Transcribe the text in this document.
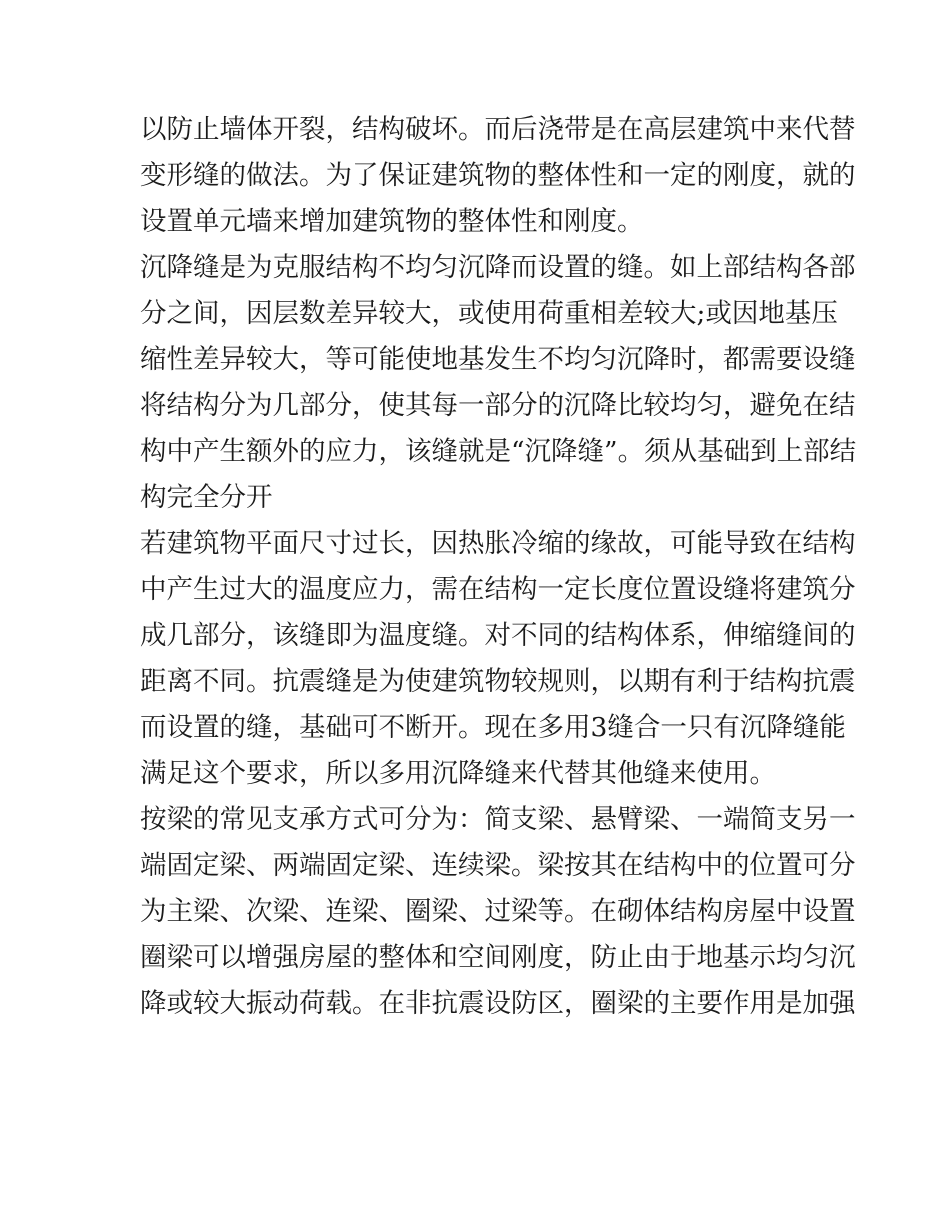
以防止墙体开裂，结构破坏。而后浇带是在高层建筑中来代替
变形缝的做法。为了保证建筑物的整体性和一定的刚度，就的
设置单元墙来增加建筑物的整体性和刚度。
沉降缝是为克服结构不均匀沉降而设置的缝。如上部结构各部
分之间，因层数差异较大，或使用荷重相差较大;或因地基压
缩性差异较大，等可能使地基发生不均匀沉降时，都需要设缝
将结构分为几部分，使其每一部分的沉降比较均匀，避免在结
构中产生额外的应力，该缝就是“沉降缝”。须从基础到上部结
构完全分开
若建筑物平面尺寸过长，因热胀冷缩的缘故，可能导致在结构
中产生过大的温度应力，需在结构一定长度位置设缝将建筑分
成几部分，该缝即为温度缝。对不同的结构体系，伸缩缝间的
距离不同。抗震缝是为使建筑物较规则，以期有利于结构抗震
而设置的缝，基础可不断开。现在多用3缝合一只有沉降缝能
满足这个要求，所以多用沉降缝来代替其他缝来使用。
按梁的常见支承方式可分为：简支梁、悬臂梁、一端简支另一
端固定梁、两端固定梁、连续梁。梁按其在结构中的位置可分
为主梁、次梁、连梁、圈梁、过梁等。在砌体结构房屋中设置
圈梁可以增强房屋的整体和空间刚度，防止由于地基示均匀沉
降或较大振动荷载。在非抗震设防区，圈梁的主要作用是加强
